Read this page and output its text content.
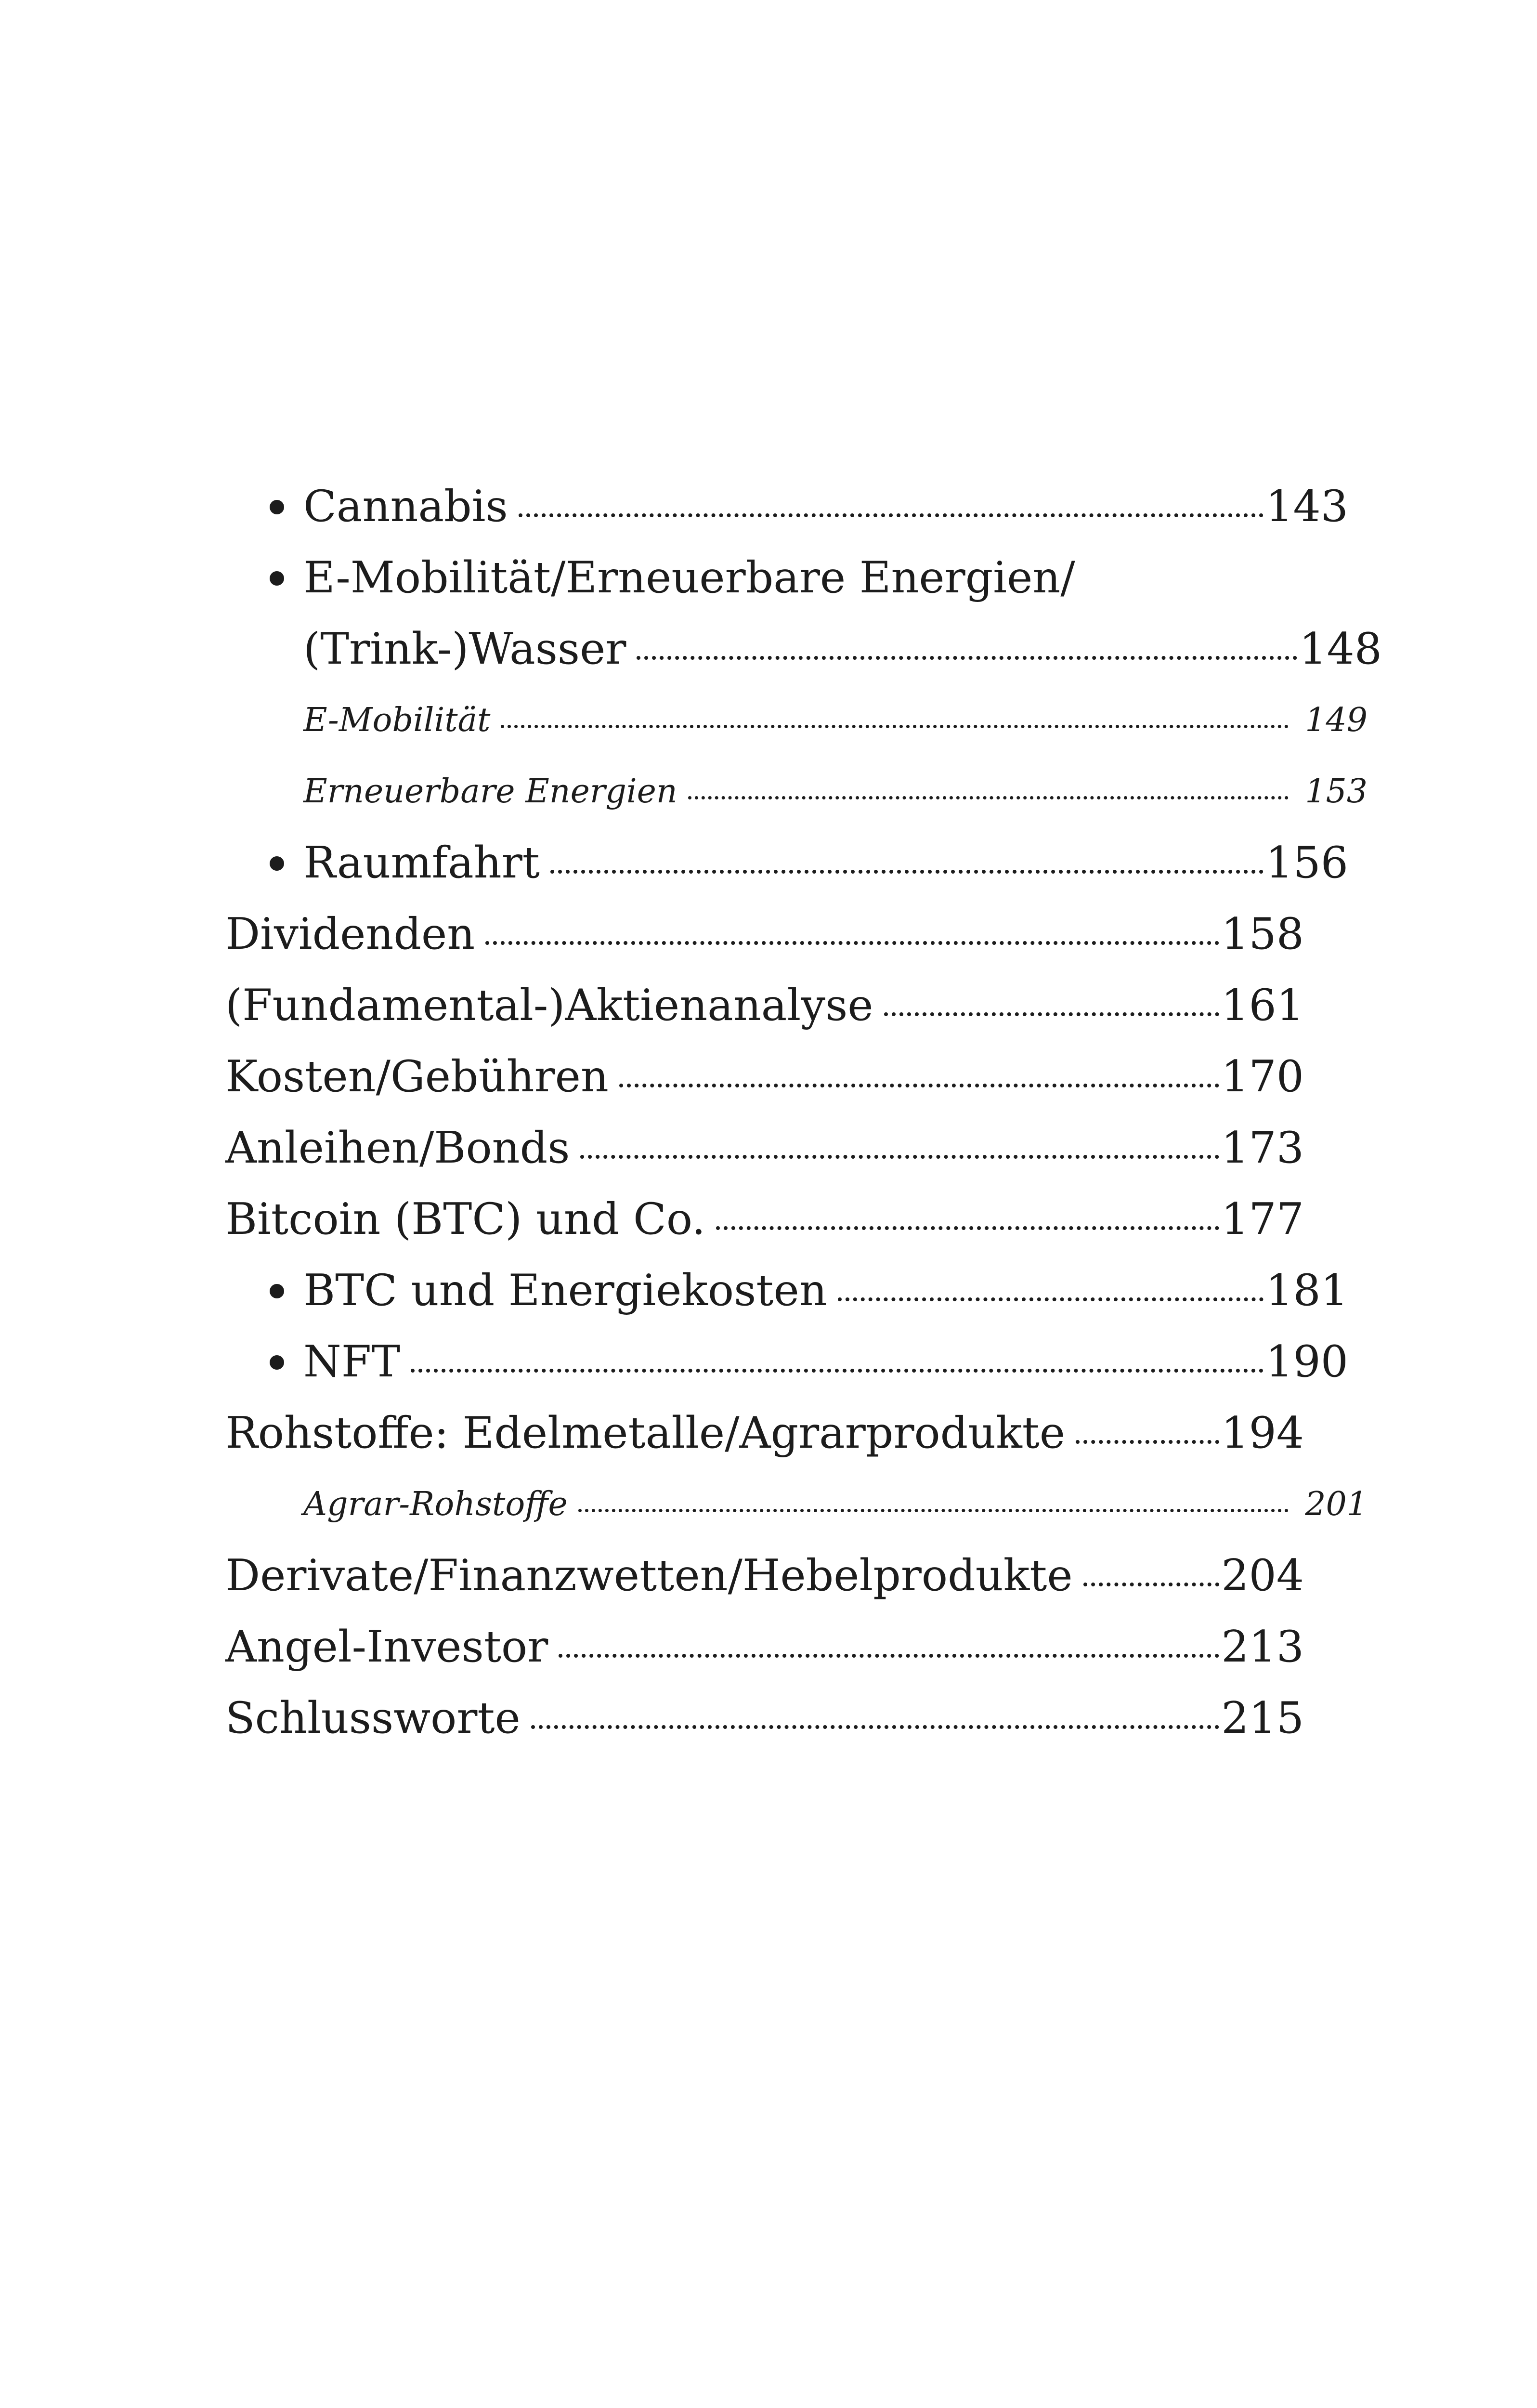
Cannabis	143
E-Mobilität/Erneuerbare Energien/
(Trink-)Wasser	148
E-Mobilität	149
Erneuerbare Energien	153
Raumfahrt	156
Dividenden	158
(Fundamental-)Aktienanalyse	161
Kosten/Gebühren	170
Anleihen/Bonds	173
Bitcoin (BTC) und Co.	177
BTC und Energiekosten	181
NFT	190
Rohstoffe: Edelmetalle/Agrarprodukte	194
Agrar-Rohstoffe	201
Derivate/Finanzwetten/Hebelprodukte	204
Angel-Investor	213
Schlussworte	215
